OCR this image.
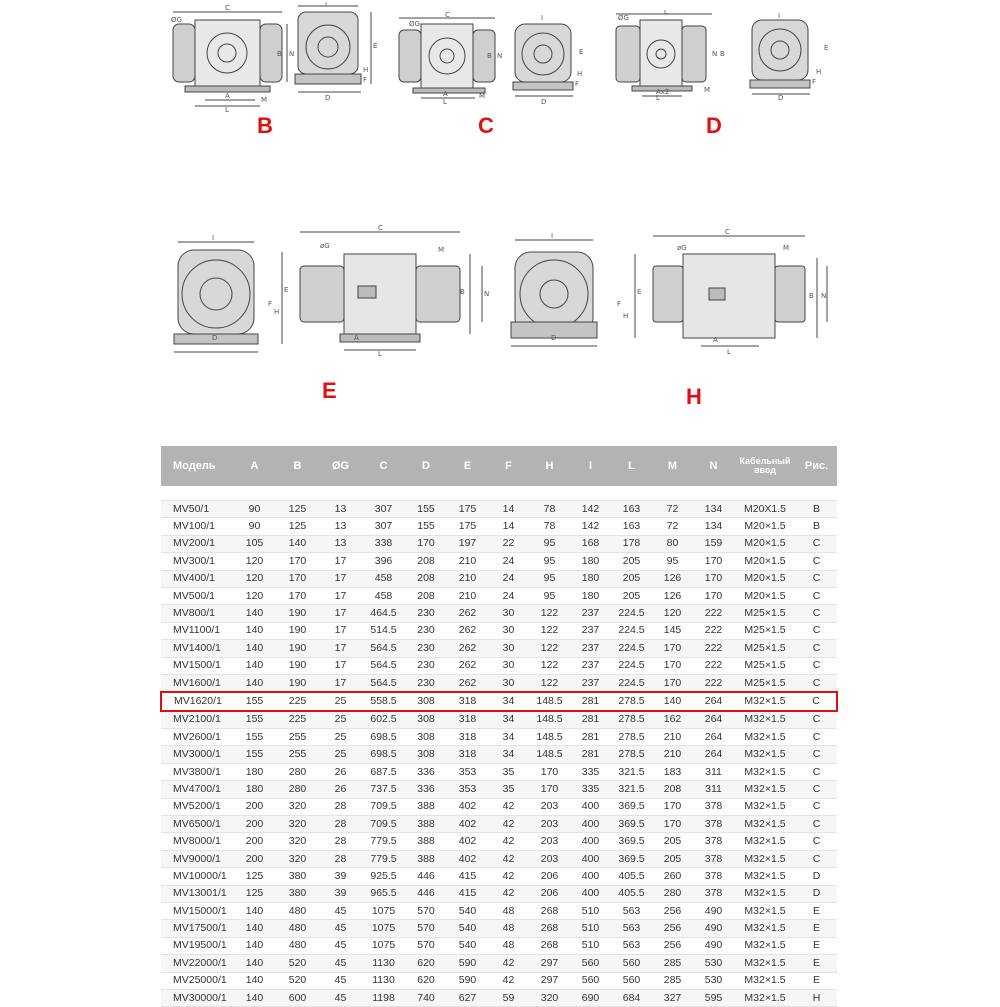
C
ØG
N
B
A
L
M
I
E
H
F
D
B
C
ØG
N
B
A
L
M
I
E
H
F
D
C
ØG
C
N B
Ax2
L
M
I
E
H
F
D
D
I
E
H
F
D
C
øG	M
B	N
A
L
E
I
E
H
F
D
C
øG	M
B N
A
L
H
Модель	A	B	ØG	C	D	E	F	H	I	L	M	N	Кабельный ввод	Рис.

MV50/1	90	125	13	307	155	175	14	78	142	163	72	134	M20X1.5	B
MV100/1	90	125	13	307	155	175	14	78	142	163	72	134	M20×1.5	B
MV200/1	105	140	13	338	170	197	22	95	168	178	80	159	M20×1.5	C
MV300/1	120	170	17	396	208	210	24	95	180	205	95	170	M20×1.5	C
MV400/1	120	170	17	458	208	210	24	95	180	205	126	170	M20×1.5	C
MV500/1	120	170	17	458	208	210	24	95	180	205	126	170	M20×1.5	C
MV800/1	140	190	17	464.5	230	262	30	122	237	224.5	120	222	M25×1.5	C
MV1100/1	140	190	17	514.5	230	262	30	122	237	224.5	145	222	M25×1.5	C
MV1400/1	140	190	17	564.5	230	262	30	122	237	224.5	170	222	M25×1.5	C
MV1500/1	140	190	17	564.5	230	262	30	122	237	224.5	170	222	M25×1.5	C
MV1600/1	140	190	17	564.5	230	262	30	122	237	224.5	170	222	M25×1.5	C
MV1620/1	155	225	25	558.5	308	318	34	148.5	281	278.5	140	264	M32×1.5	C
MV2100/1	155	225	25	602.5	308	318	34	148.5	281	278.5	162	264	M32×1.5	C
MV2600/1	155	255	25	698.5	308	318	34	148.5	281	278.5	210	264	M32×1.5	C
MV3000/1	155	255	25	698.5	308	318	34	148.5	281	278.5	210	264	M32×1.5	C
MV3800/1	180	280	26	687.5	336	353	35	170	335	321.5	183	311	M32×1.5	C
MV4700/1	180	280	26	737.5	336	353	35	170	335	321.5	208	311	M32×1.5	C
MV5200/1	200	320	28	709.5	388	402	42	203	400	369.5	170	378	M32×1.5	C
MV6500/1	200	320	28	709.5	388	402	42	203	400	369.5	170	378	M32×1.5	C
MV8000/1	200	320	28	779.5	388	402	42	203	400	369.5	205	378	M32×1.5	C
MV9000/1	200	320	28	779.5	388	402	42	203	400	369.5	205	378	M32×1.5	C
MV10000/1	125	380	39	925.5	446	415	42	206	400	405.5	260	378	M32×1.5	D
MV13001/1	125	380	39	965.5	446	415	42	206	400	405.5	280	378	M32×1.5	D
MV15000/1	140	480	45	1075	570	540	48	268	510	563	256	490	M32×1.5	E
MV17500/1	140	480	45	1075	570	540	48	268	510	563	256	490	M32×1.5	E
MV19500/1	140	480	45	1075	570	540	48	268	510	563	256	490	M32×1.5	E
MV22000/1	140	520	45	1130	620	590	42	297	560	560	285	530	M32×1.5	E
MV25000/1	140	520	45	1130	620	590	42	297	560	560	285	530	M32×1.5	E
MV30000/1	140	600	45	1198	740	627	59	320	690	684	327	595	M32×1.5	H
